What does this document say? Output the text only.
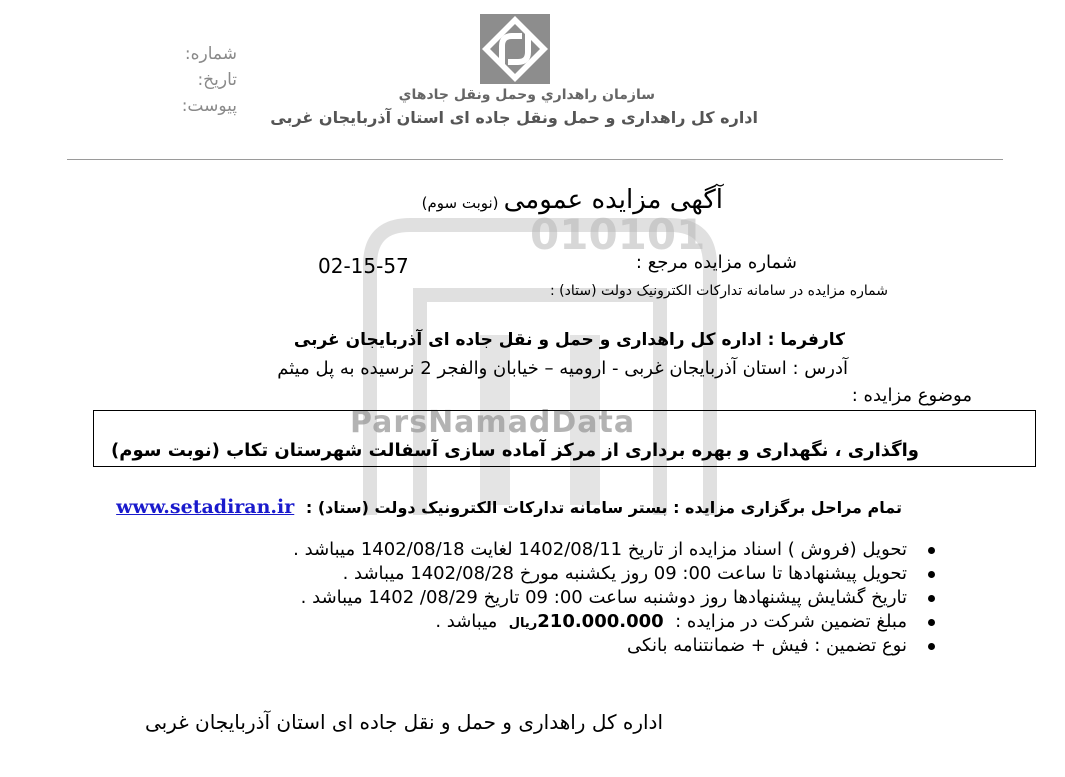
010101
ParsNamadData
سازمان راهداري وحمل ونقل جادهاي
اداره کل راهداری و حمل ونقل جاده ای استان آذربایجان غربی
شماره:
تاریخ:
پیوست:
آگهی مزایده عمومی (نوبت سوم)
شماره مزایده مرجع :
02-15-57
شماره مزایده در سامانه تدارکات الکترونیک دولت (ستاد) :
کارفرما : اداره کل راهداری و حمل و نقل جاده ای آذربایجان غربی
آدرس : استان آذربایجان غربی - ارومیه – خیابان والفجر 2 نرسیده به پل میثم
موضوع مزایده :
واگذاری ، نگهداری و بهره برداری از مرکز آماده سازی آسفالت شهرستان تکاب (نوبت سوم)
تمام مراحل برگزاری مزایده : بستر سامانه تدارکات الکترونیک دولت (ستاد) : www.setadiran.ir
تحویل (فروش ) اسناد مزایده از تاریخ 1402/08/11 لغایت 1402/08/18 میباشد .
تحویل پیشنهادها تا ساعت 00: 09 روز یکشنبه مورخ 1402/08/28 میباشد .
تاریخ گشایش پیشنهادها روز دوشنبه ساعت 00: 09 تاریخ 08/29/ 1402 میباشد .
مبلغ تضمین شرکت در مزایده :  210.000.000ریال  میباشد .
نوع تضمین : فیش + ضمانتنامه بانکی
اداره کل راهداری و حمل و نقل جاده ای استان آذربایجان غربی
